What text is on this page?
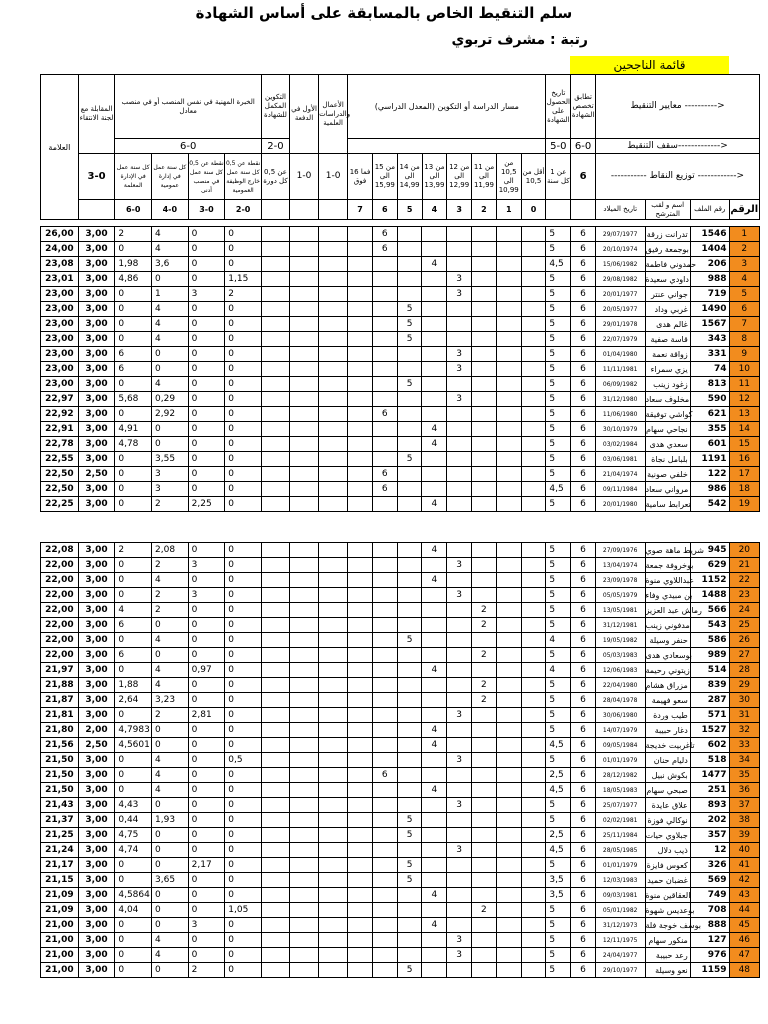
سلم التنقيط الخاص بالمسابقة على أساس الشهادة
رتبة : مشرف تربوي
قائمة الناجحين
العلامة	المقابلة مع لجنة الانتقاء	الخبرة المهنية في نفس المنصب أو في منصب معادل				التكوين المكمل للشهادة	الأول في الدفعة	الأعمال والدراسات العلمية	مسار الدراسة أو التكوين (المعدل الدراسي)								تاريخ الحصول على الشهادة	تطابق تخصص الشهادة	معايير التنقيط ---------->			
		6-0				2-0											5-0	6-0	سقف التنقيط------------->			
	3-0	كل سنة عمل في الإدارة المعلمة	كل سنة عمل في إدارة عمومية	0,5 نقطة عن كل سنة عمل في منصب أدنى	0,5 نقطة عن كل سنة عمل خارج الوظيفة العمومية	0,5 عن كل دورة	1-0	1-0	16 فما فوق	من 15 الى 15,99	من 14 الى 14,99	من 13 الى 13,99	من 12 الى 12,99	من 11 الى 11,99	من 10,5 الى 10,99	أقل من 10,5	1 عن كل سنة	6	----------- توزيع النقاط ------------>			
		6-0	4-0	3-0	2-0				7	6	5	4	3	2	1	0			تاريخ الميلاد	اسم و لقب المترشح	رقم الملف	الرقم
26,00	3,00	2	4	0	0					6							5	6	29/07/1977	تدرانت زرقة	1546	1
24,00	3,00	0	4	0	0					6							5	6	20/10/1974	بوجمعة رفيق	1404	2
23,08	3,00	1,98	3,6	0	0							4					4,5	6	15/06/1982	حمدوني فاطمة	206	3
23,01	3,00	4,86	0	0	1,15								3				5	6	29/08/1982	داودي سعيدة	988	4
23,00	3,00	0	1	3	2								3				5	6	20/01/1977	جواني عنتر	719	5
23,00	3,00	0	4	0	0						5						5	6	20/05/1977	غربي وداد	1490	6
23,00	3,00	0	4	0	0						5						5	6	29/01/1978	غالم هدى	1567	7
23,00	3,00	0	4	0	0						5						5	6	22/07/1979	قاسة صفية	343	8
23,00	3,00	6	0	0	0								3				5	6	01/04/1980	زواقة نعمة	331	9
23,00	3,00	6	0	0	0								3				5	6	11/11/1981	يزي سمراء	74	10
23,00	3,00	0	4	0	0						5						5	6	06/09/1982	زغود زينب	813	11
22,97	3,00	5,68	0,29	0	0								3				5	6	31/12/1980	مخلوف سعاد	590	12
22,92	3,00	0	2,92	0	0					6							5	6	11/06/1980	كواشي توفيقة	621	13
22,91	3,00	4,91	0	0	0							4					5	6	30/10/1979	نجاحي سهام	355	14
22,78	3,00	4,78	0	0	0							4					5	6	03/02/1984	سعدي هدى	601	15
22,55	3,00	0	3,55	0	0						5						5	6	03/06/1981	بلبامل نجاة	1191	16
22,50	2,50	0	3	0	0					6							5	6	21/04/1974	خلفي صونية	122	17
22,50	3,00	0	3	0	0					6							4,5	6	09/11/1984	مرواني سعاد	986	18
22,25	3,00	0	2	2,25	0							4					5	6	20/01/1980	تعرابط سامية	542	19
22,08	3,00	2	2,08	0	0							4					5	6	27/09/1976	شريط ماهة صوي	945	20
22,00	3,00	0	2	3	0								3				5	6	13/04/1974	بوخروفة جمعة	629	21
22,00	3,00	0	4	0	0							4					5	6	23/09/1978	عبداللاوي منوة	1152	22
22,00	3,00	0	2	3	0								3				5	6	05/05/1979	بن مبيدي وفاء	1488	23
22,00	3,00	4	2	0	0									2			5	6	13/05/1981	رماش عبد العزيز	566	24
22,00	3,00	6	0	0	0									2			5	6	31/12/1981	مدفوني زينب	543	25
22,00	3,00	0	4	0	0						5						4	6	19/05/1982	حنفر وسيلة	586	26
22,00	3,00	6	0	0	0									2			5	6	05/03/1983	بوسعادي هدى	989	27
21,97	3,00	0	4	0,97	0							4					4	6	12/06/1983	زيتوني رحيمة	514	28
21,88	3,00	1,88	4	0	0									2			5	6	22/04/1980	مزراق هشام	839	29
21,87	3,00	2,64	3,23	0	0									2			5	6	28/04/1978	سعو فهيمة	287	30
21,81	3,00	0	2	2,81	0								3				5	6	30/06/1980	طيب وردة	571	31
21,80	2,00	4,7983	0	0	0							4					5	6	14/07/1979	دغار حبيبة	1527	32
21,56	2,50	4,5601	0	0	0							4					4,5	6	09/05/1984	تاغربيت خديجة	602	33
21,50	3,00	0	4	0	0,5								3				5	6	01/01/1979	دليام حنان	518	34
21,50	3,00	0	4	0	0					6							2,5	6	28/12/1982	بكوش نبيل	1477	35
21,50	3,00	0	4	0	0							4					4,5	6	18/05/1983	صبحي سهام	251	36
21,43	3,00	4,43	0	0	0								3				5	6	25/07/1977	علاق عايدة	893	37
21,37	3,00	0,44	1,93	0	0						5						5	6	02/02/1981	نوكالي فوزة	202	38
21,25	3,00	4,75	0	0	0						5						2,5	6	25/11/1984	جبلاوي حيات	357	39
21,24	3,00	4,74	0	0	0								3				4,5	6	28/05/1985	ذيب دلال	12	40
21,17	3,00	0	0	2,17	0						5						5	6	01/01/1979	كعوس فايزة	326	41
21,15	3,00	0	3,65	0	0						5						3,5	6	12/03/1983	غضبان حميد	569	42
21,09	3,00	4,5864	0	0	0							4					3,5	6	09/03/1981	العقاقين منوة	749	43
21,09	3,00	4,04	0	0	1,05									2			5	6	05/01/1982	بوعديس شهوة	708	44
21,00	3,00	0	0	3	0							4					5	6	31/12/1973	بوسف خوجة فلة	888	45
21,00	3,00	0	4	0	0								3				5	6	12/11/1975	منكور سهام	127	46
21,00	3,00	0	4	0	0								3				5	6	24/04/1977	رعد حبيبة	976	47
21,00	3,00	0	0	2	0						5						5	6	29/10/1977	نعو وسيلة	1159	48
